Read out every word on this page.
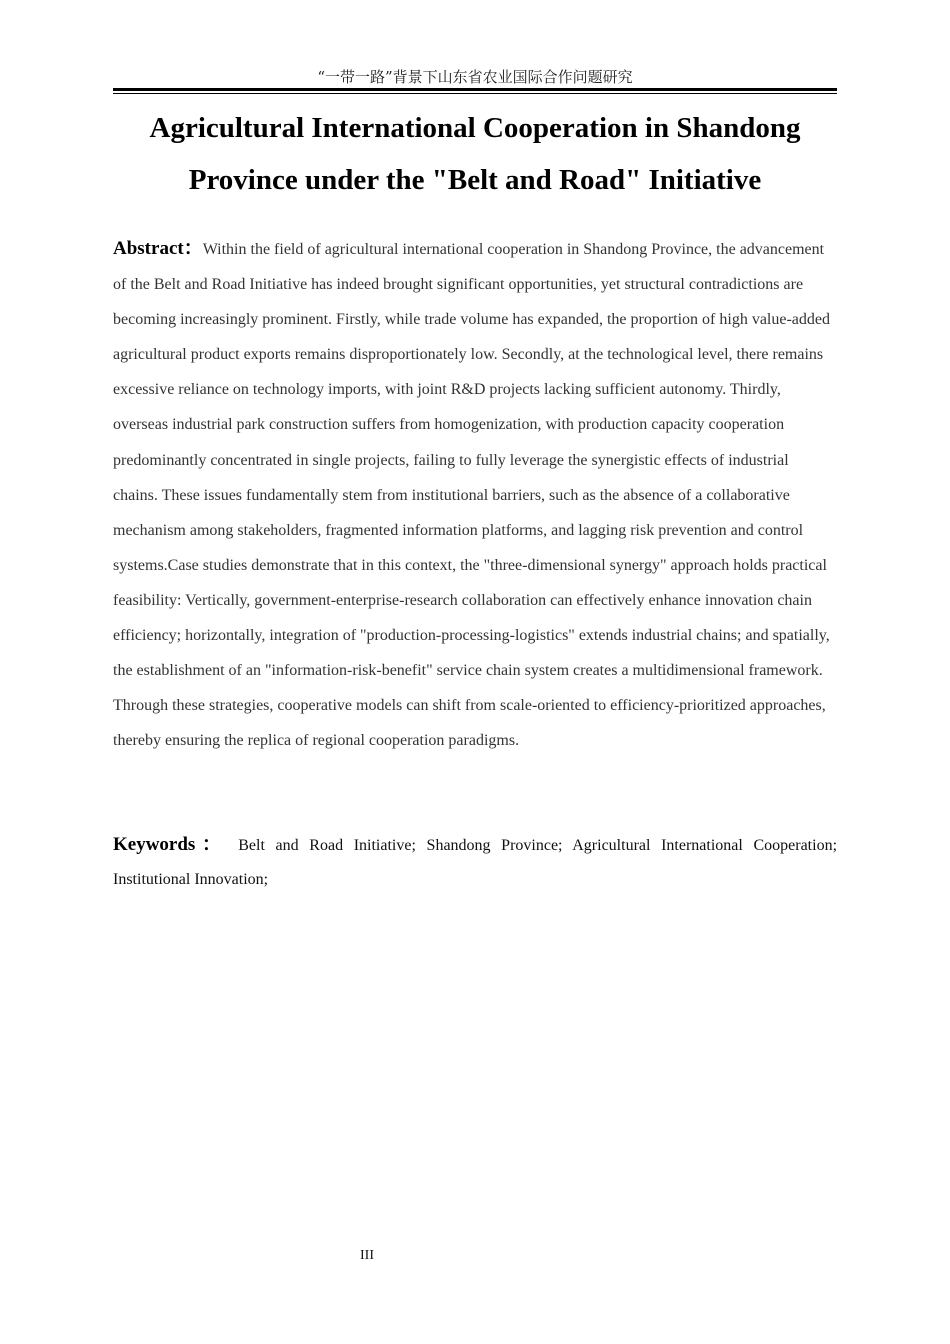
“一带一路”背景下山东省农业国际合作问题研究
Agricultural International Cooperation in Shandong
Province under the "Belt and Road" Initiative

Abstract：Within the field of agricultural international cooperation in Shandong Province, the advancement of the Belt and Road Initiative has indeed brought significant opportunities, yet structural contradictions are becoming increasingly prominent. Firstly, while trade volume has expanded, the proportion of high value-added agricultural product exports remains disproportionately low. Secondly, at the technological level, there remains excessive reliance on technology imports, with joint R&D projects lacking sufficient autonomy. Thirdly, overseas industrial park construction suffers from homogenization, with production capacity cooperation predominantly concentrated in single projects, failing to fully leverage the synergistic effects of industrial chains. These issues fundamentally stem from institutional barriers, such as the absence of a collaborative mechanism among stakeholders, fragmented information platforms, and lagging risk prevention and control systems.Case studies demonstrate that in this context, the "three-dimensional synergy" approach holds practical feasibility: Vertically, government-enterprise-research collaboration can effectively enhance innovation chain efficiency; horizontally, integration of "production-processing-logistics" extends industrial chains; and spatially, the establishment of an "information-risk-benefit" service chain system creates a multidimensional framework. Through these strategies, cooperative models can shift from scale-oriented to efficiency-prioritized approaches, thereby ensuring the replica of regional cooperation paradigms.

Keywords： Belt and Road Initiative; Shandong Province; Agricultural International Cooperation; Institutional Innovation;

III
